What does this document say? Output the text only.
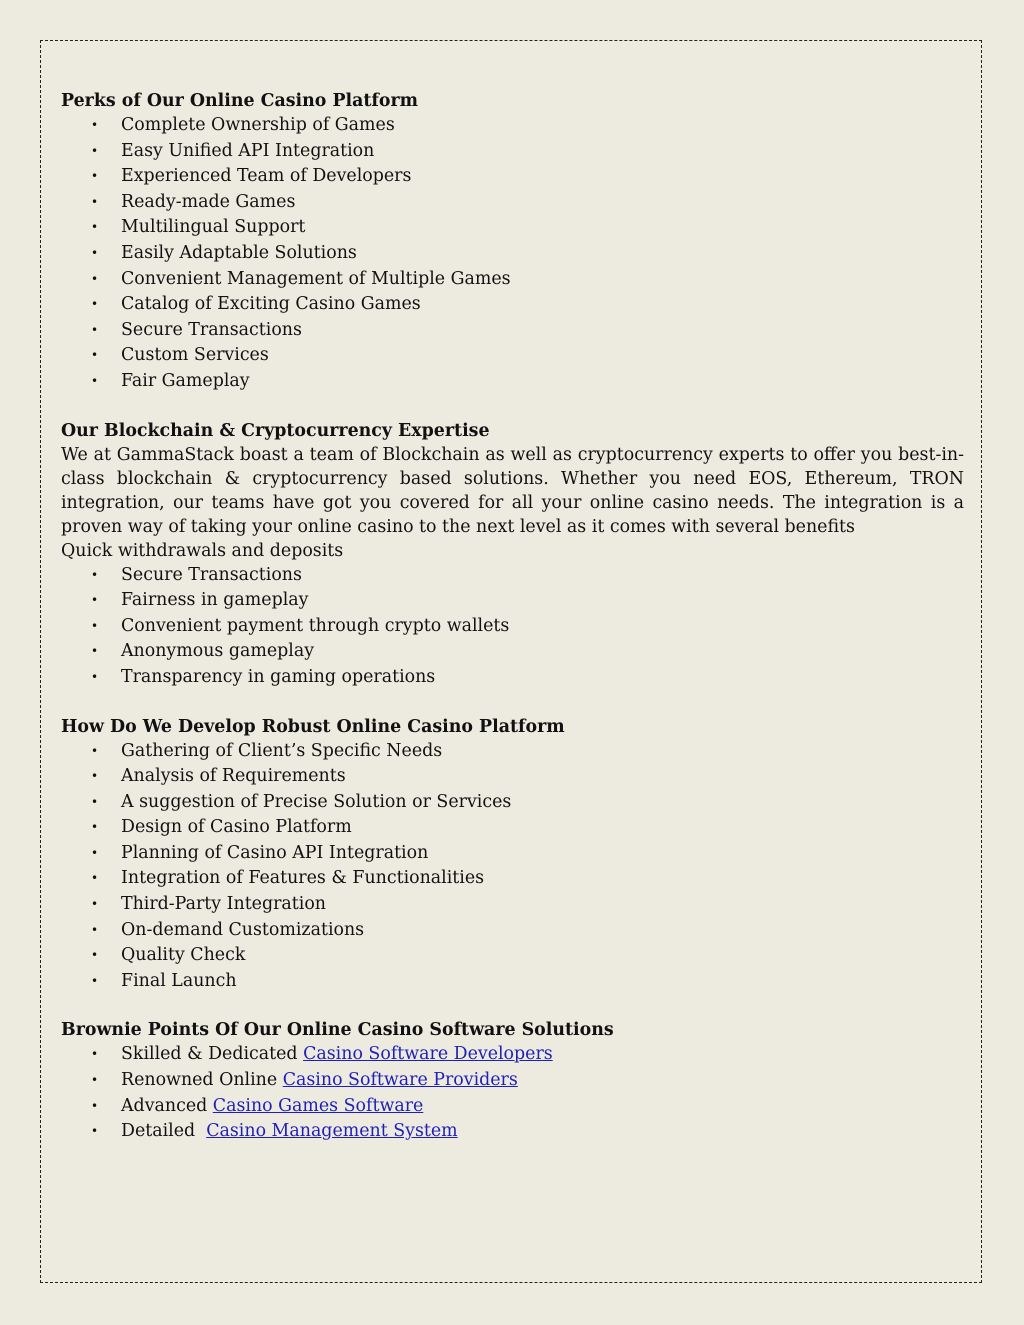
Perks of Our Online Casino Platform

• Complete Ownership of Games
• Easy Unified API Integration
• Experienced Team of Developers
• Ready-made Games
• Multilingual Support
• Easily Adaptable Solutions
• Convenient Management of Multiple Games
• Catalog of Exciting Casino Games
• Secure Transactions
• Custom Services
• Fair Gameplay

Our Blockchain & Cryptocurrency Expertise

We at GammaStack boast a team of Blockchain as well as cryptocurrency experts to offer you best-in-class blockchain & cryptocurrency based solutions. Whether you need EOS, Ethereum, TRON integration, our teams have got you covered for all your online casino needs. The integration is a proven way of taking your online casino to the next level as it comes with several benefits

Quick withdrawals and deposits

• Secure Transactions
• Fairness in gameplay
• Convenient payment through crypto wallets
• Anonymous gameplay
• Transparency in gaming operations

How Do We Develop Robust Online Casino Platform

• Gathering of Client’s Specific Needs
• Analysis of Requirements
• A suggestion of Precise Solution or Services
• Design of Casino Platform
• Planning of Casino API Integration
• Integration of Features & Functionalities
• Third-Party Integration
• On-demand Customizations
• Quality Check
• Final Launch

Brownie Points Of Our Online Casino Software Solutions

• Skilled & Dedicated Casino Software Developers
• Renowned Online Casino Software Providers
• Advanced Casino Games Software
• Detailed  Casino Management System
